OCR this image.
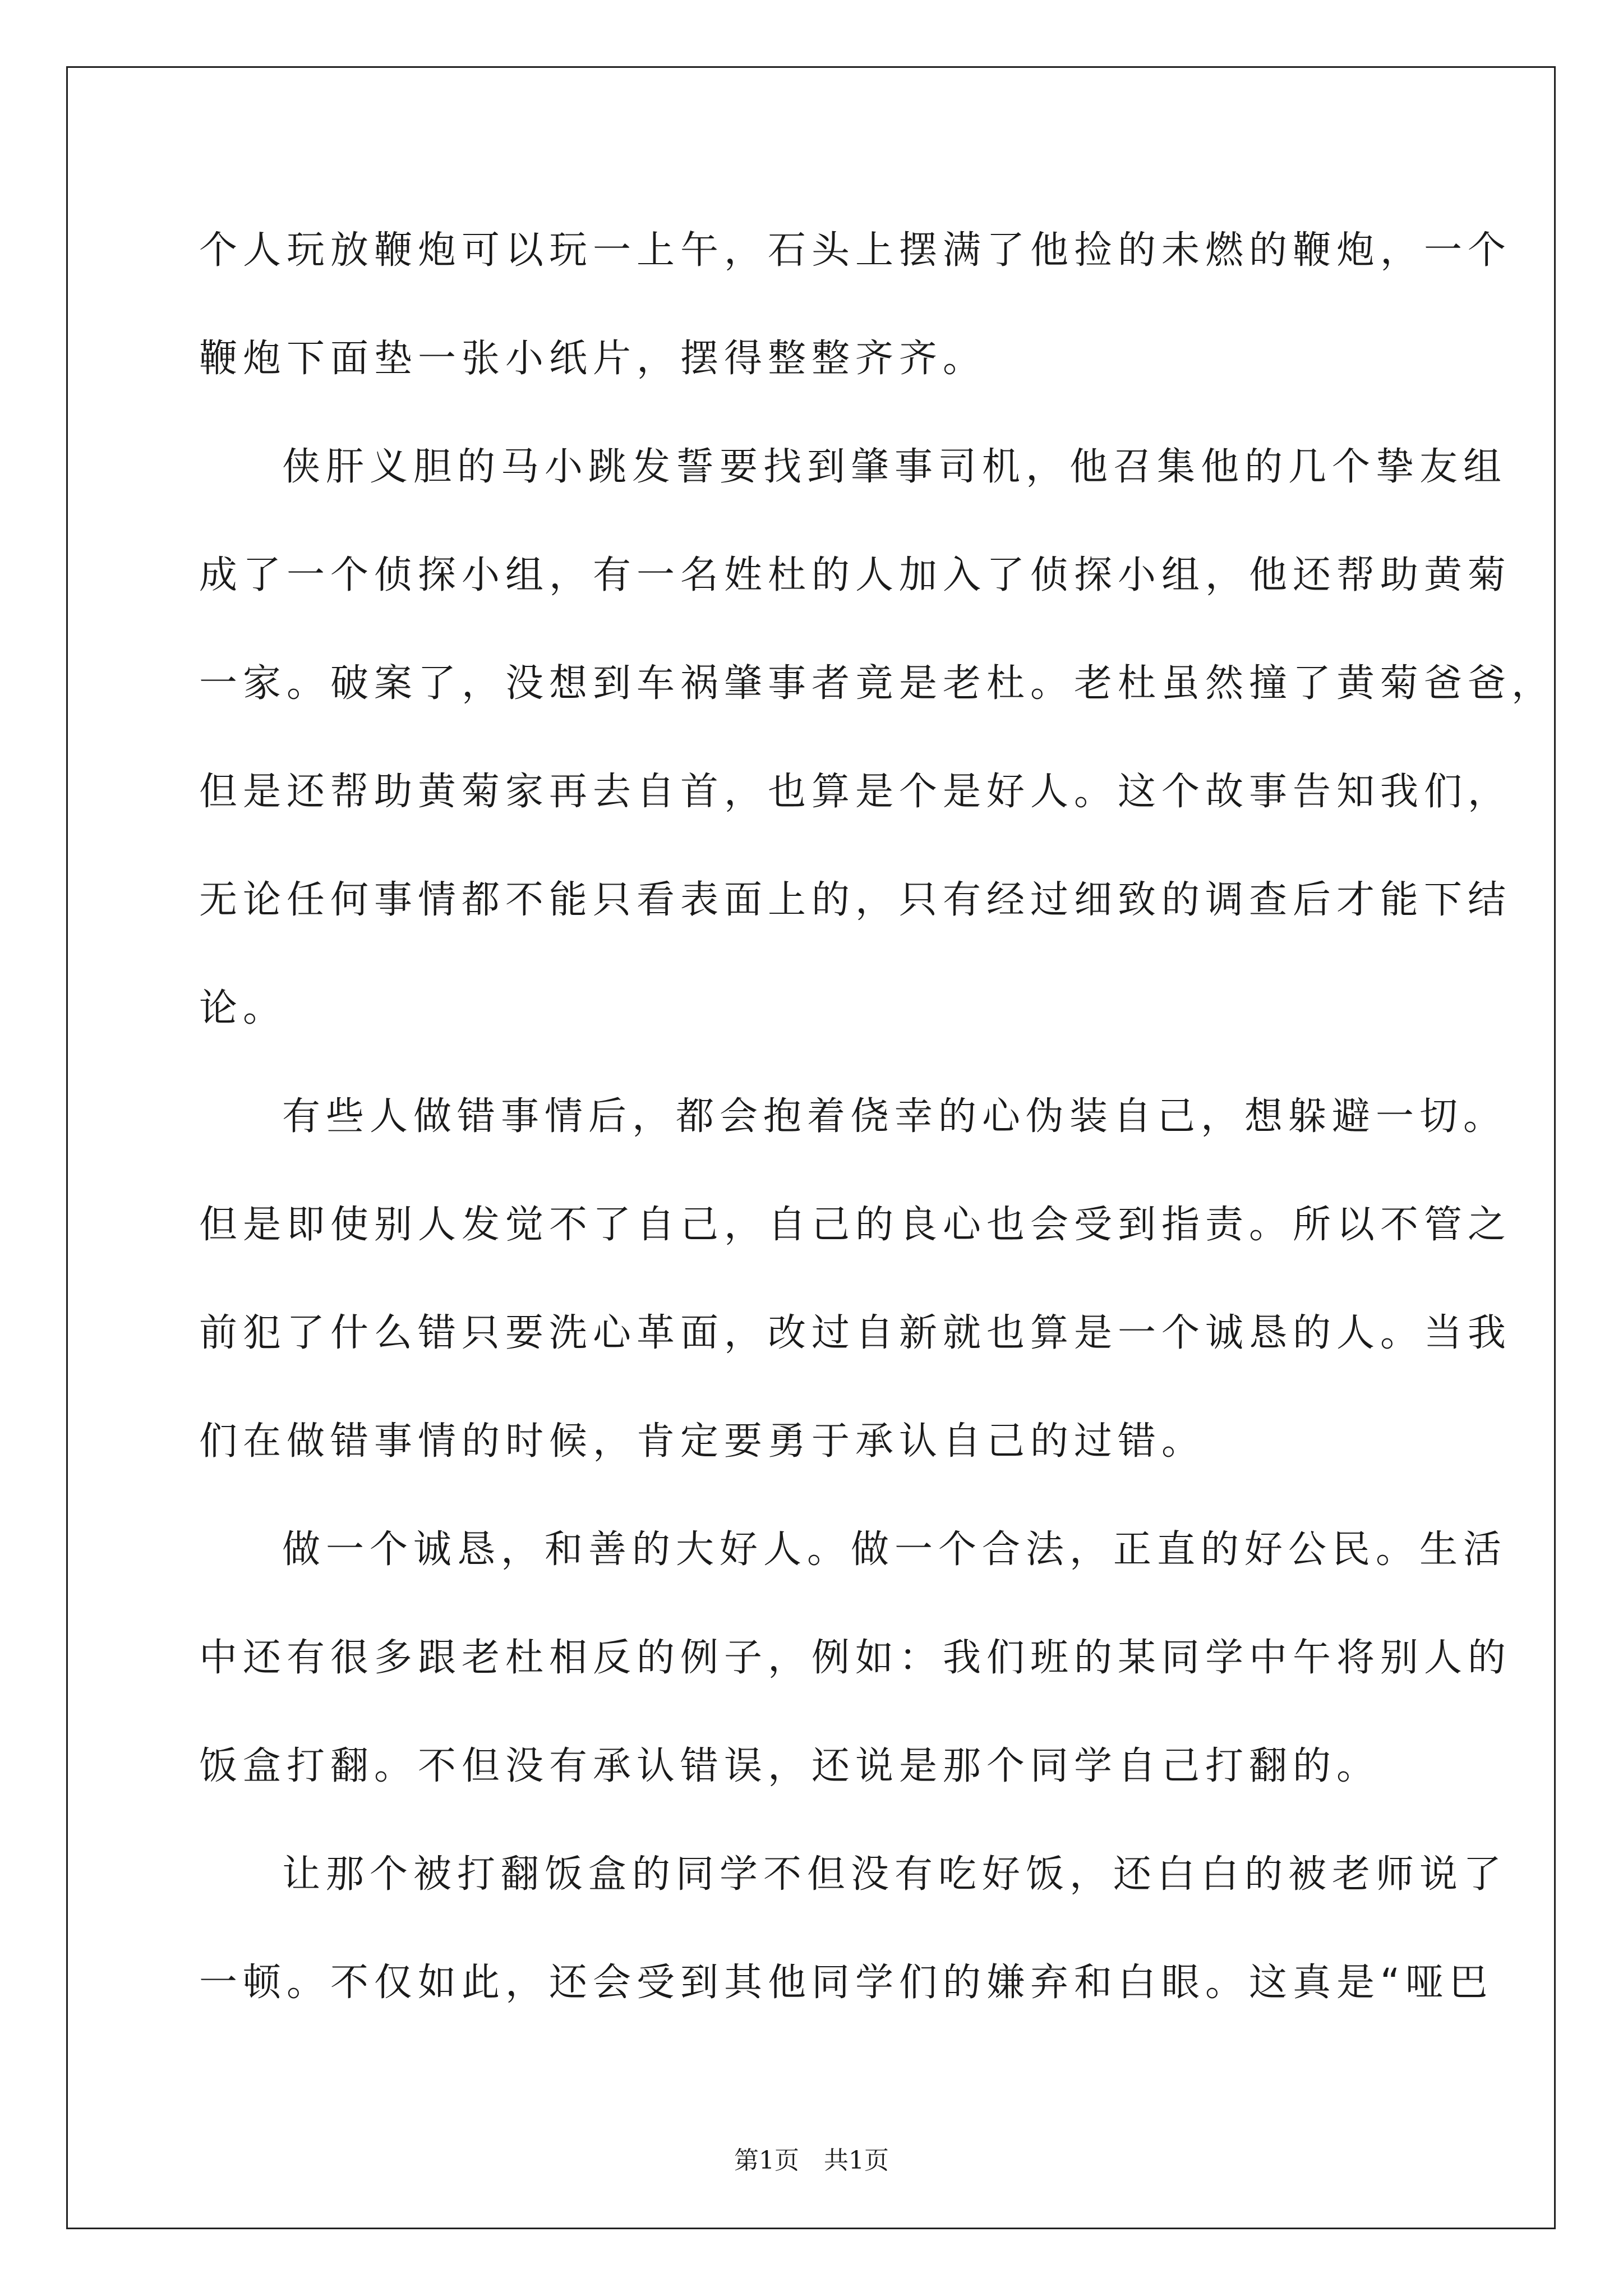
个人玩放鞭炮可以玩一上午，石头上摆满了他捡的未燃的鞭炮，一个
鞭炮下面垫一张小纸片，摆得整整齐齐。
侠肝义胆的马小跳发誓要找到肇事司机，他召集他的几个挚友组
成了一个侦探小组，有一名姓杜的人加入了侦探小组，他还帮助黄菊
一家。破案了，没想到车祸肇事者竟是老杜。老杜虽然撞了黄菊爸爸，
但是还帮助黄菊家再去自首，也算是个是好人。这个故事告知我们，
无论任何事情都不能只看表面上的，只有经过细致的调查后才能下结
论。
有些人做错事情后，都会抱着侥幸的心伪装自己，想躲避一切。
但是即使别人发觉不了自己，自己的良心也会受到指责。所以不管之
前犯了什么错只要洗心革面，改过自新就也算是一个诚恳的人。当我
们在做错事情的时候，肯定要勇于承认自己的过错。
做一个诚恳，和善的大好人。做一个合法，正直的好公民。生活
中还有很多跟老杜相反的例子，例如：我们班的某同学中午将别人的
饭盒打翻。不但没有承认错误，还说是那个同学自己打翻的。
让那个被打翻饭盒的同学不但没有吃好饭，还白白的被老师说了
一顿。不仅如此，还会受到其他同学们的嫌弃和白眼。这真是“哑巴
第1页　共1页
